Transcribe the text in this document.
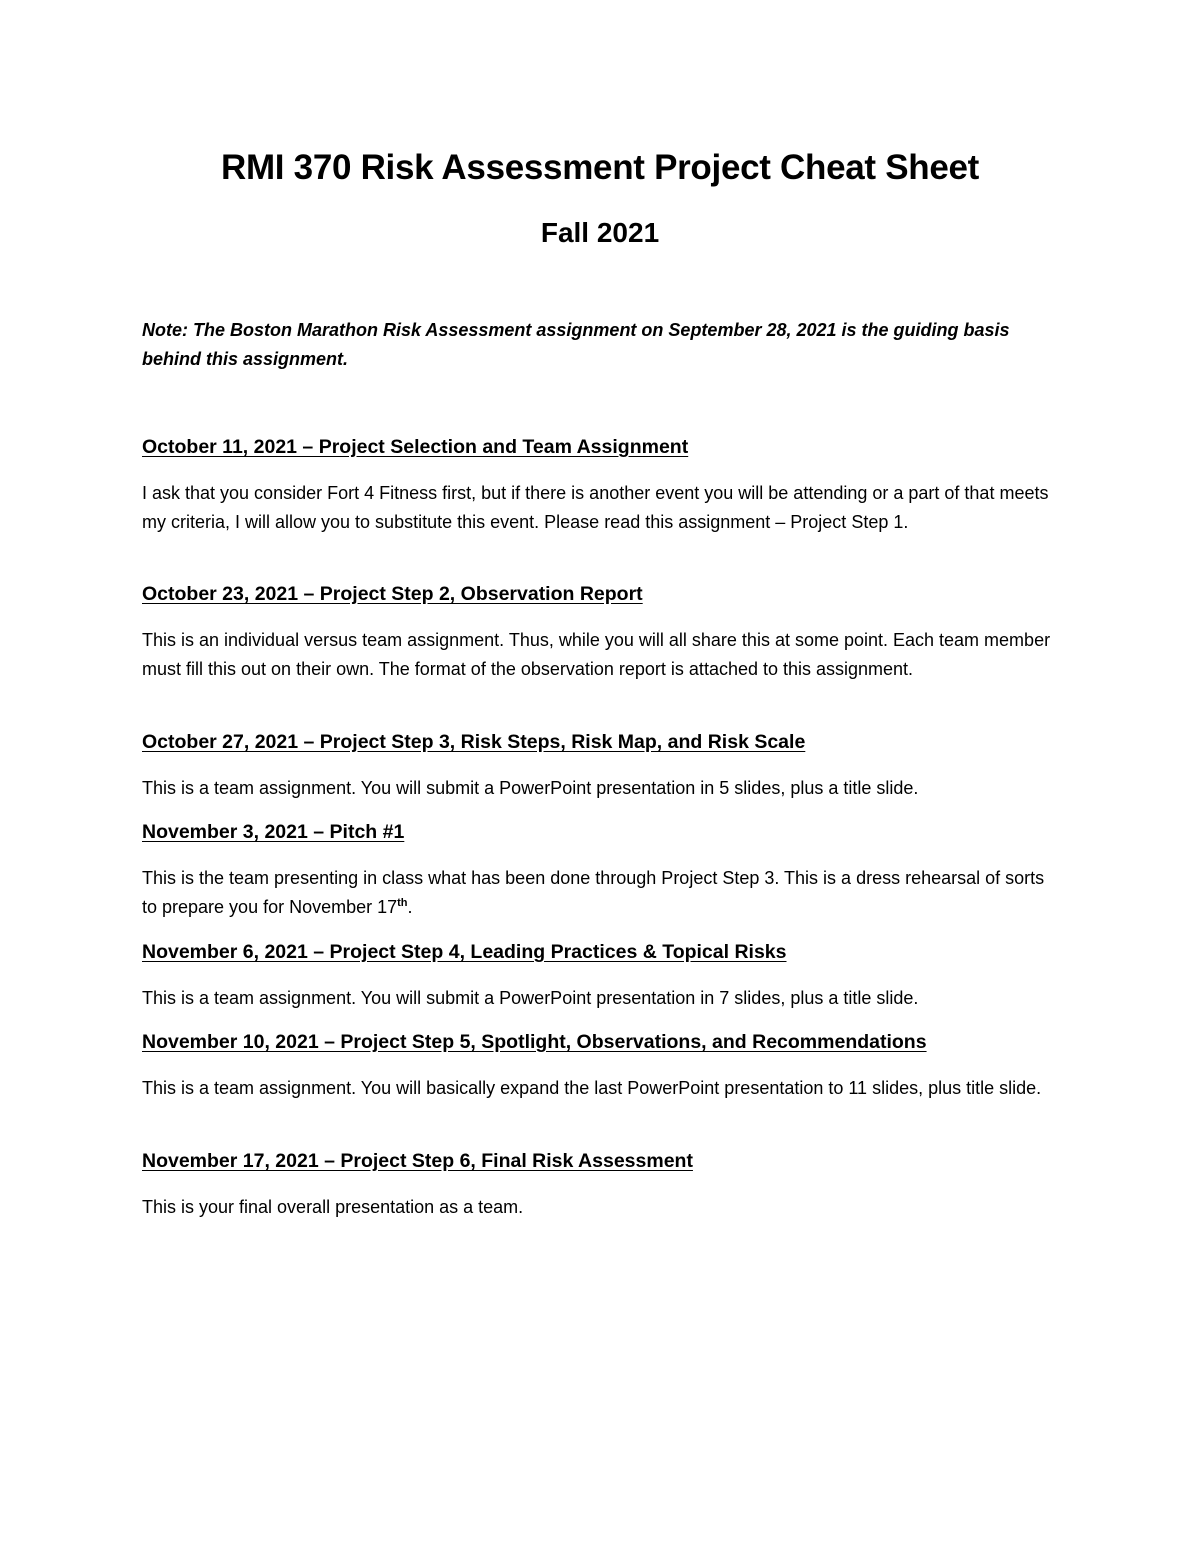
RMI 370 Risk Assessment Project Cheat Sheet
Fall 2021
Note: The Boston Marathon Risk Assessment assignment on September 28, 2021 is the guiding basis behind this assignment.
October 11, 2021 – Project Selection and Team Assignment
I ask that you consider Fort 4 Fitness first, but if there is another event you will be attending or a part of that meets my criteria, I will allow you to substitute this event. Please read this assignment – Project Step 1.
October 23, 2021 – Project Step 2, Observation Report
This is an individual versus team assignment. Thus, while you will all share this at some point. Each team member must fill this out on their own. The format of the observation report is attached to this assignment.
October 27, 2021 – Project Step 3, Risk Steps, Risk Map, and Risk Scale
This is a team assignment. You will submit a PowerPoint presentation in 5 slides, plus a title slide.
November 3, 2021 – Pitch #1
This is the team presenting in class what has been done through Project Step 3. This is a dress rehearsal of sorts to prepare you for November 17th.
November 6, 2021 – Project Step 4, Leading Practices & Topical Risks
This is a team assignment. You will submit a PowerPoint presentation in 7 slides, plus a title slide.
November 10, 2021 – Project Step 5, Spotlight, Observations, and Recommendations
This is a team assignment. You will basically expand the last PowerPoint presentation to 11 slides, plus title slide.
November 17, 2021 – Project Step 6, Final Risk Assessment
This is your final overall presentation as a team.
